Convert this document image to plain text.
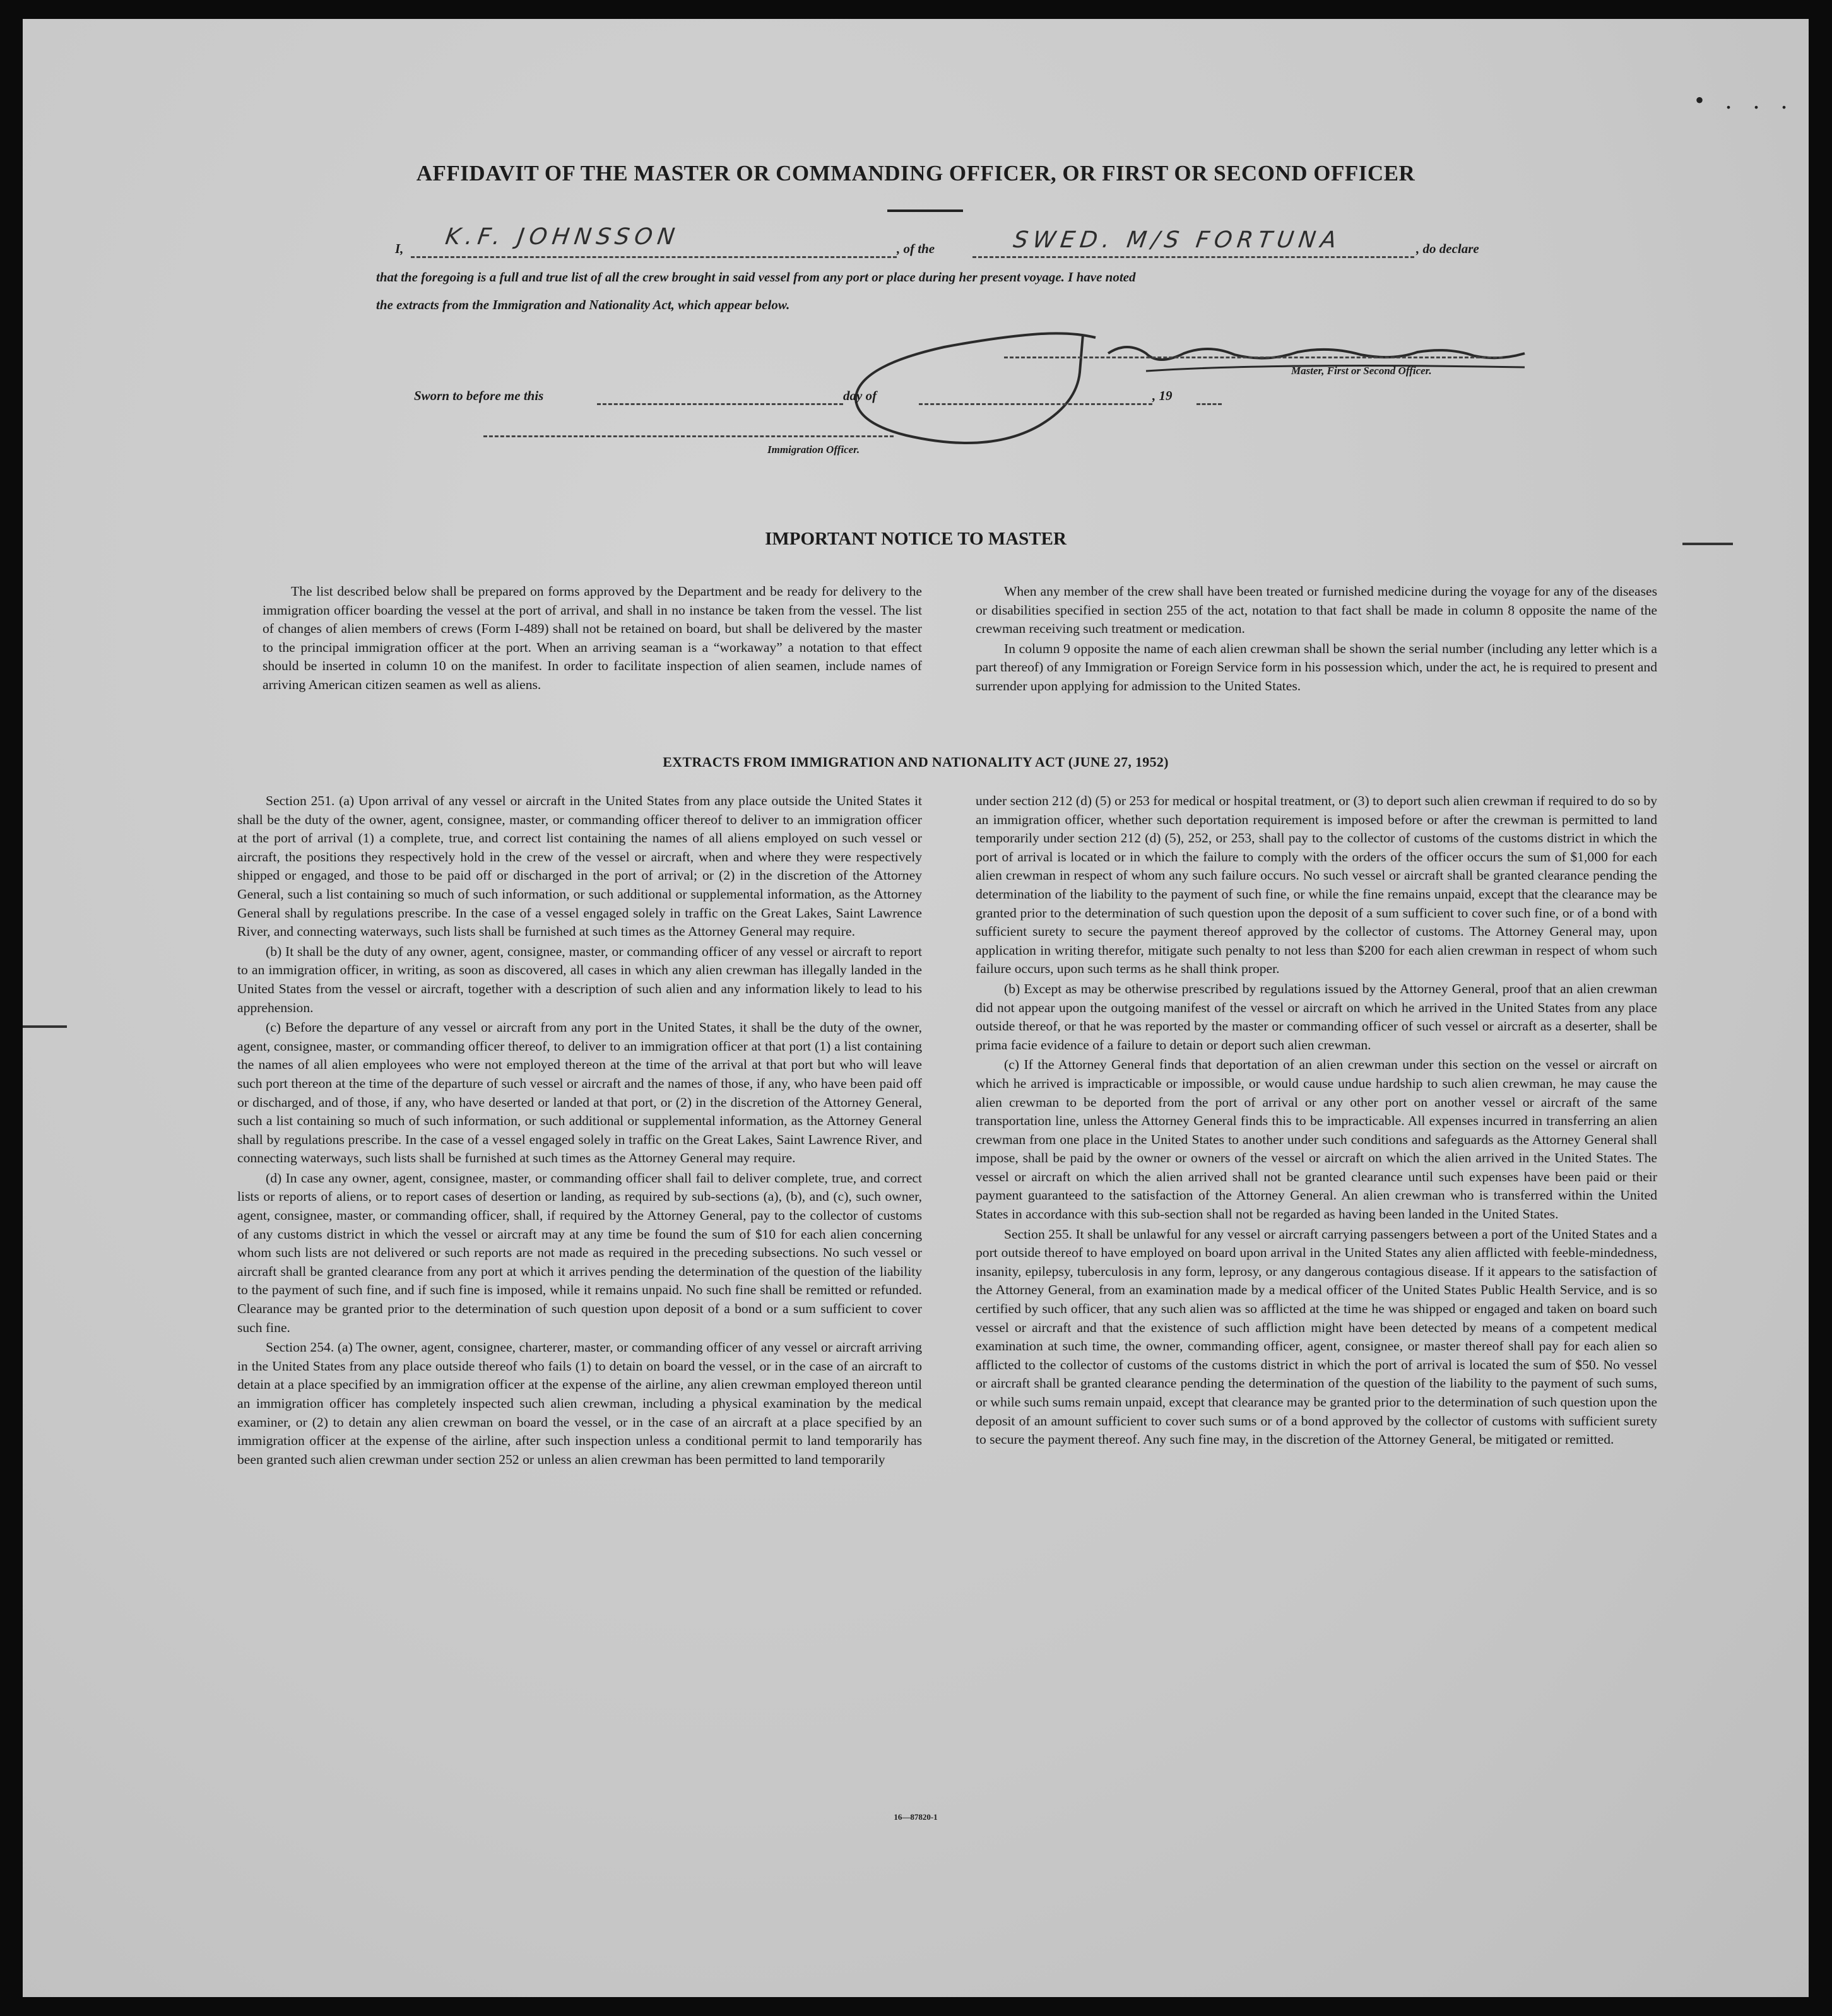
• . . .
AFFIDAVIT OF THE MASTER OR COMMANDING OFFICER, OR FIRST OR SECOND OFFICER
I, K.F. JOHNSSON	, of the	SWED. M/S FORTUNA	, do declare
that the foregoing is a full and true list of all the crew brought in said vessel from any port or place during her present voyage. I have noted
the extracts from the Immigration and Nationality Act, which appear below.
Master, First or Second Officer.
Sworn to before me this	day of	, 19
Immigration Officer.
IMPORTANT NOTICE TO MASTER

The list described below shall be prepared on forms approved by the Department and be ready for delivery to the immigration officer boarding the vessel at the port of arrival, and shall in no instance be taken from the vessel. The list of changes of alien members of crews (Form I-489) shall not be retained on board, but shall be delivered by the master to the principal immigration officer at the port. When an arriving seaman is a “workaway” a notation to that effect should be inserted in column 10 on the manifest. In order to facilitate inspection of alien seamen, include names of arriving American citizen seamen as well as aliens.

When any member of the crew shall have been treated or furnished medicine during the voyage for any of the diseases or disabilities specified in section 255 of the act, notation to that fact shall be made in column 8 opposite the name of the crewman receiving such treatment or medication.

In column 9 opposite the name of each alien crewman shall be shown the serial number (including any letter which is a part thereof) of any Immigration or Foreign Service form in his possession which, under the act, he is required to present and surrender upon applying for admission to the United States.

EXTRACTS FROM IMMIGRATION AND NATIONALITY ACT (JUNE 27, 1952)

Section 251. (a) Upon arrival of any vessel or aircraft in the United States from any place outside the United States it shall be the duty of the owner, agent, consignee, master, or commanding officer thereof to deliver to an immigration officer at the port of arrival (1) a complete, true, and correct list containing the names of all aliens employed on such vessel or aircraft, the positions they respectively hold in the crew of the vessel or aircraft, when and where they were respectively shipped or engaged, and those to be paid off or discharged in the port of arrival; or (2) in the discretion of the Attorney General, such a list containing so much of such information, or such additional or supplemental information, as the Attorney General shall by regulations prescribe. In the case of a vessel engaged solely in traffic on the Great Lakes, Saint Lawrence River, and connecting waterways, such lists shall be furnished at such times as the Attorney General may require.

(b) It shall be the duty of any owner, agent, consignee, master, or commanding officer of any vessel or aircraft to report to an immigration officer, in writing, as soon as discovered, all cases in which any alien crewman has illegally landed in the United States from the vessel or aircraft, together with a description of such alien and any information likely to lead to his apprehension.

(c) Before the departure of any vessel or aircraft from any port in the United States, it shall be the duty of the owner, agent, consignee, master, or commanding officer thereof, to deliver to an immigration officer at that port (1) a list containing the names of all alien employees who were not employed thereon at the time of the arrival at that port but who will leave such port thereon at the time of the departure of such vessel or aircraft and the names of those, if any, who have been paid off or discharged, and of those, if any, who have deserted or landed at that port, or (2) in the discretion of the Attorney General, such a list containing so much of such information, or such additional or supplemental information, as the Attorney General shall by regulations prescribe. In the case of a vessel engaged solely in traffic on the Great Lakes, Saint Lawrence River, and connecting waterways, such lists shall be furnished at such times as the Attorney General may require.

(d) In case any owner, agent, consignee, master, or commanding officer shall fail to deliver complete, true, and correct lists or reports of aliens, or to report cases of desertion or landing, as required by sub-sections (a), (b), and (c), such owner, agent, consignee, master, or commanding officer, shall, if required by the Attorney General, pay to the collector of customs of any customs district in which the vessel or aircraft may at any time be found the sum of $10 for each alien concerning whom such lists are not delivered or such reports are not made as required in the preceding subsections. No such vessel or aircraft shall be granted clearance from any port at which it arrives pending the determination of the question of the liability to the payment of such fine, and if such fine is imposed, while it remains unpaid. No such fine shall be remitted or refunded. Clearance may be granted prior to the determination of such question upon deposit of a bond or a sum sufficient to cover such fine.

Section 254. (a) The owner, agent, consignee, charterer, master, or commanding officer of any vessel or aircraft arriving in the United States from any place outside thereof who fails (1) to detain on board the vessel, or in the case of an aircraft to detain at a place specified by an immigration officer at the expense of the airline, any alien crewman employed thereon until an immigration officer has completely inspected such alien crewman, including a physical examination by the medical examiner, or (2) to detain any alien crewman on board the vessel, or in the case of an aircraft at a place specified by an immigration officer at the expense of the airline, after such inspection unless a conditional permit to land temporarily has been granted such alien crewman under section 252 or unless an alien crewman has been permitted to land temporarily

under section 212 (d) (5) or 253 for medical or hospital treatment, or (3) to deport such alien crewman if required to do so by an immigration officer, whether such deportation requirement is imposed before or after the crewman is permitted to land temporarily under section 212 (d) (5), 252, or 253, shall pay to the collector of customs of the customs district in which the port of arrival is located or in which the failure to comply with the orders of the officer occurs the sum of $1,000 for each alien crewman in respect of whom any such failure occurs. No such vessel or aircraft shall be granted clearance pending the determination of the liability to the payment of such fine, or while the fine remains unpaid, except that the clearance may be granted prior to the determination of such question upon the deposit of a sum sufficient to cover such fine, or of a bond with sufficient surety to secure the payment thereof approved by the collector of customs. The Attorney General may, upon application in writing therefor, mitigate such penalty to not less than $200 for each alien crewman in respect of whom such failure occurs, upon such terms as he shall think proper.

(b) Except as may be otherwise prescribed by regulations issued by the Attorney General, proof that an alien crewman did not appear upon the outgoing manifest of the vessel or aircraft on which he arrived in the United States from any place outside thereof, or that he was reported by the master or commanding officer of such vessel or aircraft as a deserter, shall be prima facie evidence of a failure to detain or deport such alien crewman.

(c) If the Attorney General finds that deportation of an alien crewman under this section on the vessel or aircraft on which he arrived is impracticable or impossible, or would cause undue hardship to such alien crewman, he may cause the alien crewman to be deported from the port of arrival or any other port on another vessel or aircraft of the same transportation line, unless the Attorney General finds this to be impracticable. All expenses incurred in transferring an alien crewman from one place in the United States to another under such conditions and safeguards as the Attorney General shall impose, shall be paid by the owner or owners of the vessel or aircraft on which the alien arrived in the United States. The vessel or aircraft on which the alien arrived shall not be granted clearance until such expenses have been paid or their payment guaranteed to the satisfaction of the Attorney General. An alien crewman who is transferred within the United States in accordance with this sub-section shall not be regarded as having been landed in the United States.

Section 255. It shall be unlawful for any vessel or aircraft carrying passengers between a port of the United States and a port outside thereof to have employed on board upon arrival in the United States any alien afflicted with feeble-mindedness, insanity, epilepsy, tuberculosis in any form, leprosy, or any dangerous contagious disease. If it appears to the satisfaction of the Attorney General, from an examination made by a medical officer of the United States Public Health Service, and is so certified by such officer, that any such alien was so afflicted at the time he was shipped or engaged and taken on board such vessel or aircraft and that the existence of such affliction might have been detected by means of a competent medical examination at such time, the owner, commanding officer, agent, consignee, or master thereof shall pay for each alien so afflicted to the collector of customs of the customs district in which the port of arrival is located the sum of $50. No vessel or aircraft shall be granted clearance pending the determination of the question of the liability to the payment of such sums, or while such sums remain unpaid, except that clearance may be granted prior to the determination of such question upon the deposit of an amount sufficient to cover such sums or of a bond approved by the collector of customs with sufficient surety to secure the payment thereof. Any such fine may, in the discretion of the Attorney General, be mitigated or remitted.

16—87820-1
